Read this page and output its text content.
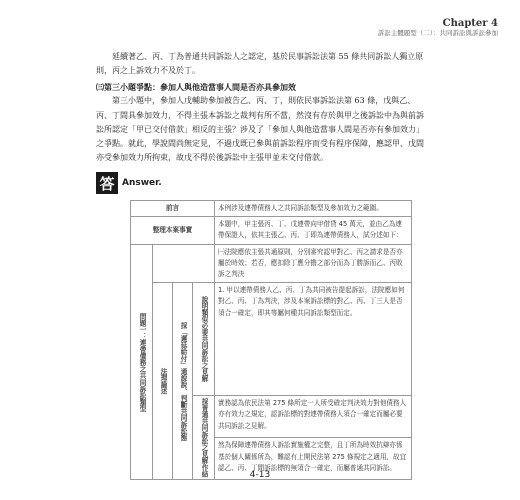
Chapter 4
訴訟主體題型（二）：共同訴訟與訴訟參加
延續著乙、丙、丁為普通共同訴訟人之認定，基於民事訴訟法第 55 條共同訴訟人獨立原則，丙之上訴效力不及於丁。
㈢第三小題爭點：參加人與他造當事人間是否亦具參加效
第三小題中，參加人戊輔助參加被告乙、丙、丁，則依民事訴訟法第 63 條，戊與乙、丙、丁間具參加效力，不得主張本訴訟之裁判有所不當，然沒有存於與甲之後訴訟中為與前訴訟所認定「甲已交付借款」相反的主張？涉及了「參加人與他造當事人間是否亦有參加效力」之爭點。就此，學說間尚無定見，不過戊既已參與前訴訟程序而受有程序保障，應認甲、戊間亦受參加效力所拘束，故戊不得於後訴訟中主張甲並未交付借款。
答 Answer.
前言				本例涉及連帶債務人之共同訴訟類型及參加效力之範圍。
整理本案事實				本題中，甲主張丙、丁、戊連帶向甲借貸 45 萬元，並由乙為連帶保證人，依其主張乙、丙、丁即為連帶債務人，試分述如下：
問題一：連帶債務之共同訴訟類型				㈠法院應依主張共通原則，分別審究認甲對乙、丙之請求是否亦屬於時效；若否，應扣除丁應分擔之部分而為丁勝訴而乙、丙敗訴之判決
	法理論述	採「遲延給付」通說說、判斷共同訴訟態	說明類似必要共同訴訟之見解	1. 甲以連帶債務人乙、丙、丁為共同被告提起訴訟，法院應如何對乙、丙、丁為判決，涉及本案訴訟標的對乙、丙、丁三人是否須合一確定，即其等屬何種共同訴訟類型而定。
			採普通共同訴訟之見解作結	實務認為依民法第 275 條所定一人所受確定判決效力對他債務人亦有效力之規定，認訴訟標的對連帶債務人須合一確定而屬必要共同訴訟之見解。
				然為保障連帶債務人訴訟實施權之完整，且丁所為時效抗辯亦係基於個人關係所為，難認有上開民法第 275 條規定之適用，故宜認乙、丙、丁間訴訟標的無須合一確定，而屬普通共同訴訟。
4-13
